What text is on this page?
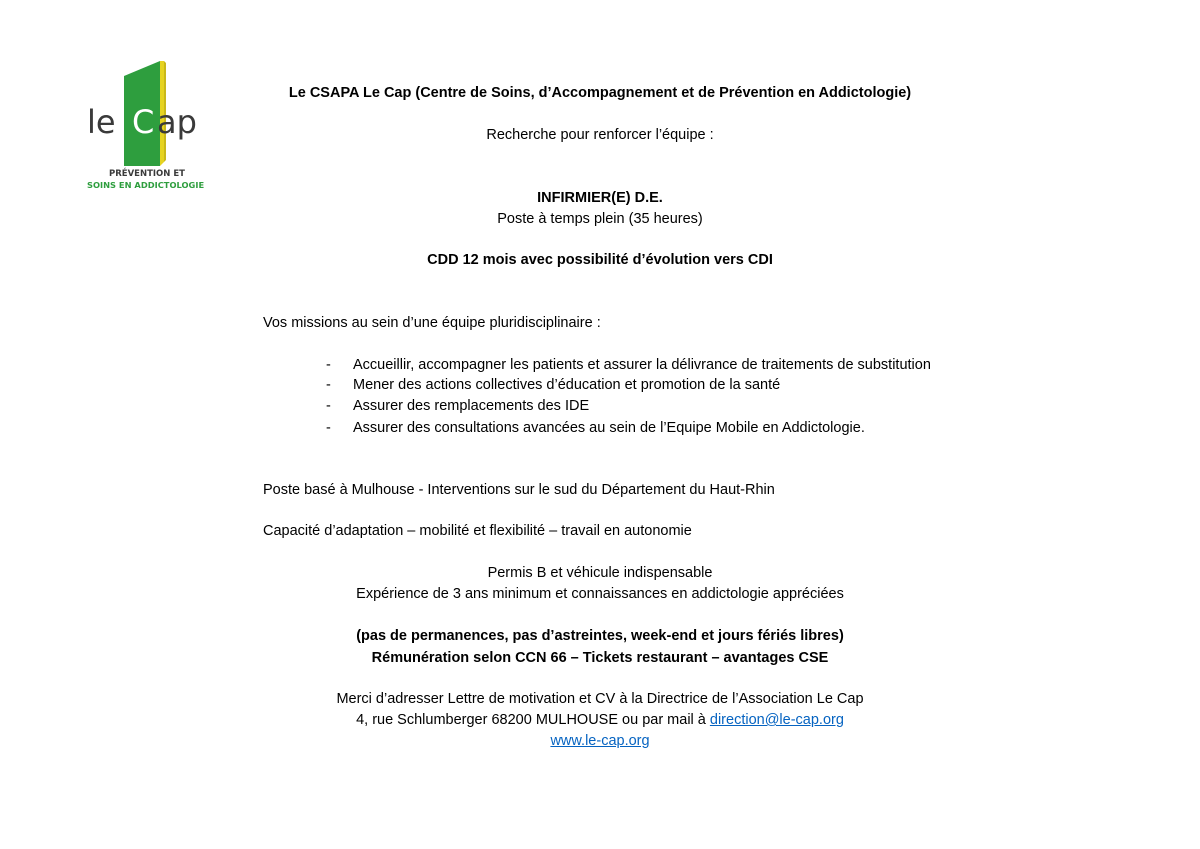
le C ap
PRÉVENTION ET
SOINS EN ADDICTOLOGIE
Le CSAPA Le Cap (Centre de Soins, d’Accompagnement et de Prévention en Addictologie)
Recherche pour renforcer l’équipe :
INFIRMIER(E) D.E.
Poste à temps plein (35 heures)
CDD 12 mois avec possibilité d’évolution vers CDI
Vos missions au sein d’une équipe pluridisciplinaire :
- Accueillir, accompagner les patients et assurer la délivrance de traitements de substitution
- Mener des actions collectives d’éducation et promotion de la santé
- Assurer des remplacements des IDE
- Assurer des consultations avancées au sein de l’Equipe Mobile en Addictologie.
Poste basé à Mulhouse - Interventions sur le sud du Département du Haut-Rhin
Capacité d’adaptation – mobilité et flexibilité – travail en autonomie
Permis B et véhicule indispensable
Expérience de 3 ans minimum et connaissances en addictologie appréciées
(pas de permanences, pas d’astreintes, week-end et jours fériés libres)
Rémunération selon CCN 66 – Tickets restaurant – avantages CSE
Merci d’adresser Lettre de motivation et CV à la Directrice de l’Association Le Cap
4, rue Schlumberger 68200 MULHOUSE ou par mail à direction@le-cap.org
www.le-cap.org
